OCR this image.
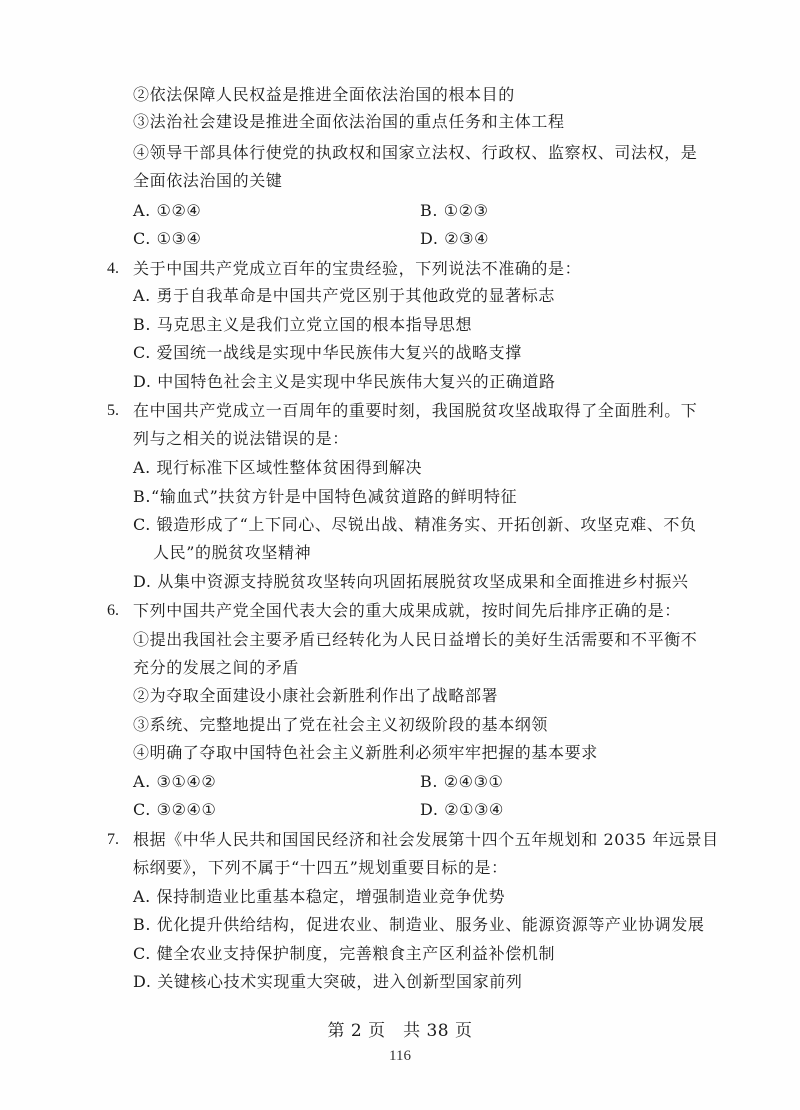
②依法保障人民权益是推进全面依法治国的根本目的
③法治社会建设是推进全面依法治国的重点任务和主体工程
④领导干部具体行使党的执政权和国家立法权、行政权、监察权、司法权，是
全面依法治国的关键
A. ①②④	B. ①②③
C. ①③④	D. ②③④
4. 关于中国共产党成立百年的宝贵经验，下列说法不准确的是：
A. 勇于自我革命是中国共产党区别于其他政党的显著标志
B. 马克思主义是我们立党立国的根本指导思想
C. 爱国统一战线是实现中华民族伟大复兴的战略支撑
D. 中国特色社会主义是实现中华民族伟大复兴的正确道路
5. 在中国共产党成立一百周年的重要时刻，我国脱贫攻坚战取得了全面胜利。下
列与之相关的说法错误的是：
A. 现行标准下区域性整体贫困得到解决
B.“输血式”扶贫方针是中国特色减贫道路的鲜明特征
C. 锻造形成了“上下同心、尽锐出战、精准务实、开拓创新、攻坚克难、不负
人民”的脱贫攻坚精神
D. 从集中资源支持脱贫攻坚转向巩固拓展脱贫攻坚成果和全面推进乡村振兴
6. 下列中国共产党全国代表大会的重大成果成就，按时间先后排序正确的是：
①提出我国社会主要矛盾已经转化为人民日益增长的美好生活需要和不平衡不
充分的发展之间的矛盾
②为夺取全面建设小康社会新胜利作出了战略部署
③系统、完整地提出了党在社会主义初级阶段的基本纲领
④明确了夺取中国特色社会主义新胜利必须牢牢把握的基本要求
A. ③①④②	B. ②④③①
C. ③②④①	D. ②①③④
7. 根据《中华人民共和国国民经济和社会发展第十四个五年规划和 2035 年远景目
标纲要》，下列不属于“十四五”规划重要目标的是：
A. 保持制造业比重基本稳定，增强制造业竞争优势
B. 优化提升供给结构，促进农业、制造业、服务业、能源资源等产业协调发展
C. 健全农业支持保护制度，完善粮食主产区利益补偿机制
D. 关键核心技术实现重大突破，进入创新型国家前列
第 2 页　共 38 页
116
